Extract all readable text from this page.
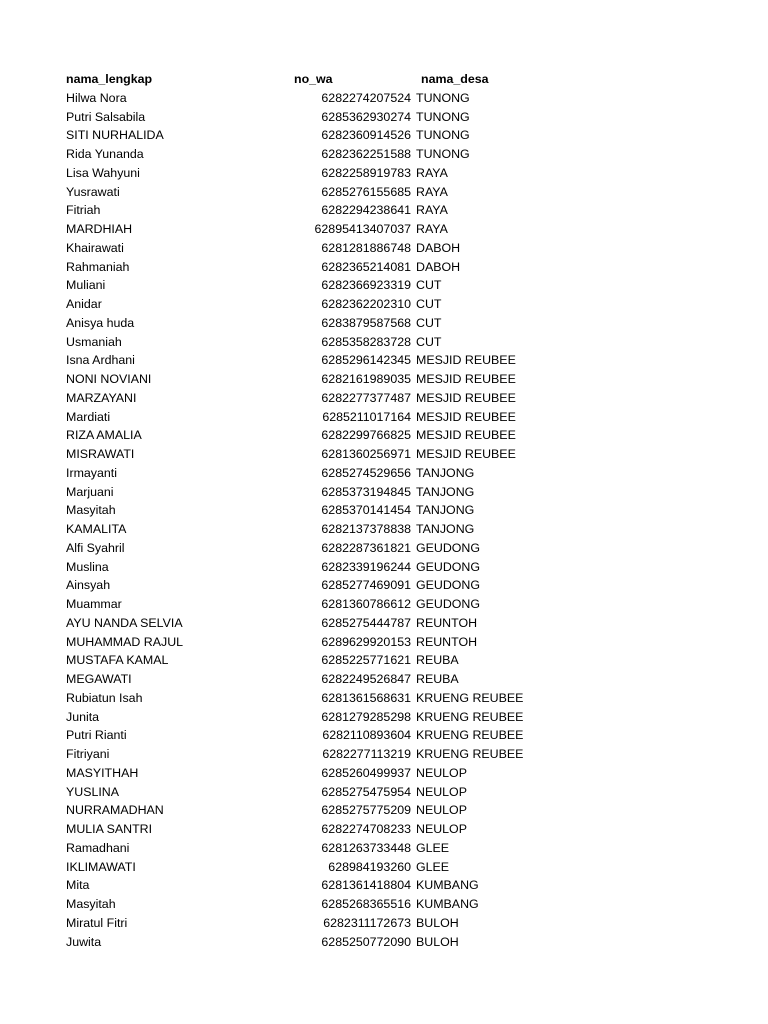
nama_lengkap	no_wa	nama_desa
Hilwa Nora	6282274207524 TUNONG
Putri Salsabila	6285362930274 TUNONG
SITI NURHALIDA	6282360914526 TUNONG
Rida Yunanda	6282362251588 TUNONG
Lisa Wahyuni	6282258919783 RAYA
Yusrawati	6285276155685 RAYA
Fitriah	6282294238641 RAYA
MARDHIAH	62895413407037 RAYA
Khairawati	6281281886748 DABOH
Rahmaniah	6282365214081 DABOH
Muliani	6282366923319 CUT
Anidar	6282362202310 CUT
Anisya huda	6283879587568 CUT
Usmaniah	6285358283728 CUT
Isna Ardhani	6285296142345 MESJID REUBEE
NONI NOVIANI	6282161989035 MESJID REUBEE
MARZAYANI	6282277377487 MESJID REUBEE
Mardiati	6285211017164 MESJID REUBEE
RIZA AMALIA	6282299766825 MESJID REUBEE
MISRAWATI	6281360256971 MESJID REUBEE
Irmayanti	6285274529656 TANJONG
Marjuani	6285373194845 TANJONG
Masyitah	6285370141454 TANJONG
KAMALITA	6282137378838 TANJONG
Alfi Syahril	6282287361821 GEUDONG
Muslina	6282339196244 GEUDONG
Ainsyah	6285277469091 GEUDONG
Muammar	6281360786612 GEUDONG
AYU NANDA SELVIA	6285275444787 REUNTOH
MUHAMMAD RAJUL	6289629920153 REUNTOH
MUSTAFA KAMAL	6285225771621 REUBA
MEGAWATI	6282249526847 REUBA
Rubiatun Isah	6281361568631 KRUENG REUBEE
Junita	6281279285298 KRUENG REUBEE
Putri Rianti	6282110893604 KRUENG REUBEE
Fitriyani	6282277113219 KRUENG REUBEE
MASYITHAH	6285260499937 NEULOP
YUSLINA	6285275475954 NEULOP
NURRAMADHAN	6285275775209 NEULOP
MULIA SANTRI	6282274708233 NEULOP
Ramadhani	6281263733448 GLEE
IKLIMAWATI	628984193260 GLEE
Mita	6281361418804 KUMBANG
Masyitah	6285268365516 KUMBANG
Miratul Fitri	6282311172673 BULOH
Juwita	6285250772090 BULOH
